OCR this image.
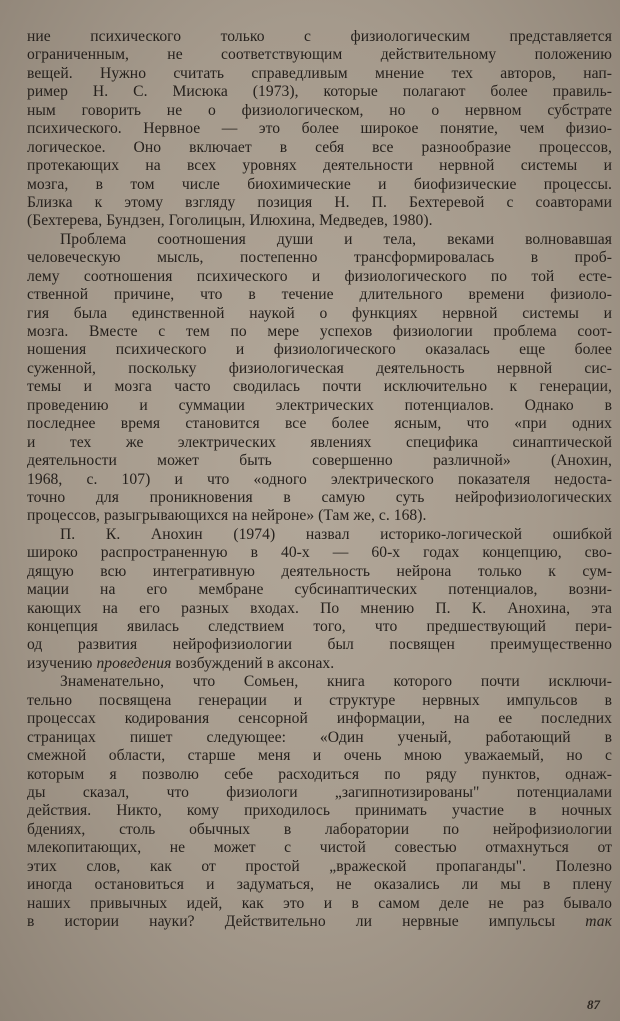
ние психического только с физиологическим представляется
ограниченным, не соответствующим действительному положению
вещей. Нужно считать справедливым мнение тех авторов, нап-
ример Н. С. Мисюка (1973), которые полагают более правиль-
ным говорить не о физиологическом, но о нервном субстрате
психического. Нервное — это более широкое понятие, чем физио-
логическое. Оно включает в себя все разнообразие процессов,
протекающих на всех уровнях деятельности нервной системы и
мозга, в том числе биохимические и биофизические процессы.
Близка к этому взгляду позиция Н. П. Бехтеревой с соавторами
(Бехтерева, Бундзен, Гоголицын, Илюхина, Медведев, 1980).

Проблема соотношения души и тела, веками волновавшая
человеческую мысль, постепенно трансформировалась в проб-
лему соотношения психического и физиологического по той есте-
ственной причине, что в течение длительного времени физиоло-
гия была единственной наукой о функциях нервной системы и
мозга. Вместе с тем по мере успехов физиологии проблема соот-
ношения психического и физиологического оказалась еще более
суженной, поскольку физиологическая деятельность нервной сис-
темы и мозга часто сводилась почти исключительно к генерации,
проведению и суммации электрических потенциалов. Однако в
последнее время становится все более ясным, что «при одних
и тех же электрических явлениях специфика синаптической
деятельности может быть совершенно различной» (Анохин,
1968, с. 107) и что «одного электрического показателя недоста-
точно для проникновения в самую суть нейрофизиологических
процессов, разыгрывающихся на нейроне» (Там же, с. 168).

П. К. Анохин (1974) назвал историко-логической ошибкой
широко распространенную в 40-х — 60-х годах концепцию, сво-
дящую всю интегративную деятельность нейрона только к сум-
мации на его мембране субсинаптических потенциалов, возни-
кающих на его разных входах. По мнению П. К. Анохина, эта
концепция явилась следствием того, что предшествующий пери-
од развития нейрофизиологии был посвящен преимущественно
изучению проведения возбуждений в аксонах.

Знаменательно, что Сомьен, книга которого почти исключи-
тельно посвящена генерации и структуре нервных импульсов в
процессах кодирования сенсорной информации, на ее последних
страницах пишет следующее: «Один ученый, работающий в
смежной области, старше меня и очень мною уважаемый, но с
которым я позволю себе расходиться по ряду пунктов, однаж-
ды сказал, что физиологи „загипнотизированы" потенциалами
действия. Никто, кому приходилось принимать участие в ночных
бдениях, столь обычных в лаборатории по нейрофизиологии
млекопитающих, не может с чистой совестью отмахнуться от
этих слов, как от простой „вражеской пропаганды". Полезно
иногда остановиться и задуматься, не оказались ли мы в плену
наших привычных идей, как это и в самом деле не раз бывало
в истории науки? Действительно ли нервные импульсы так

87
